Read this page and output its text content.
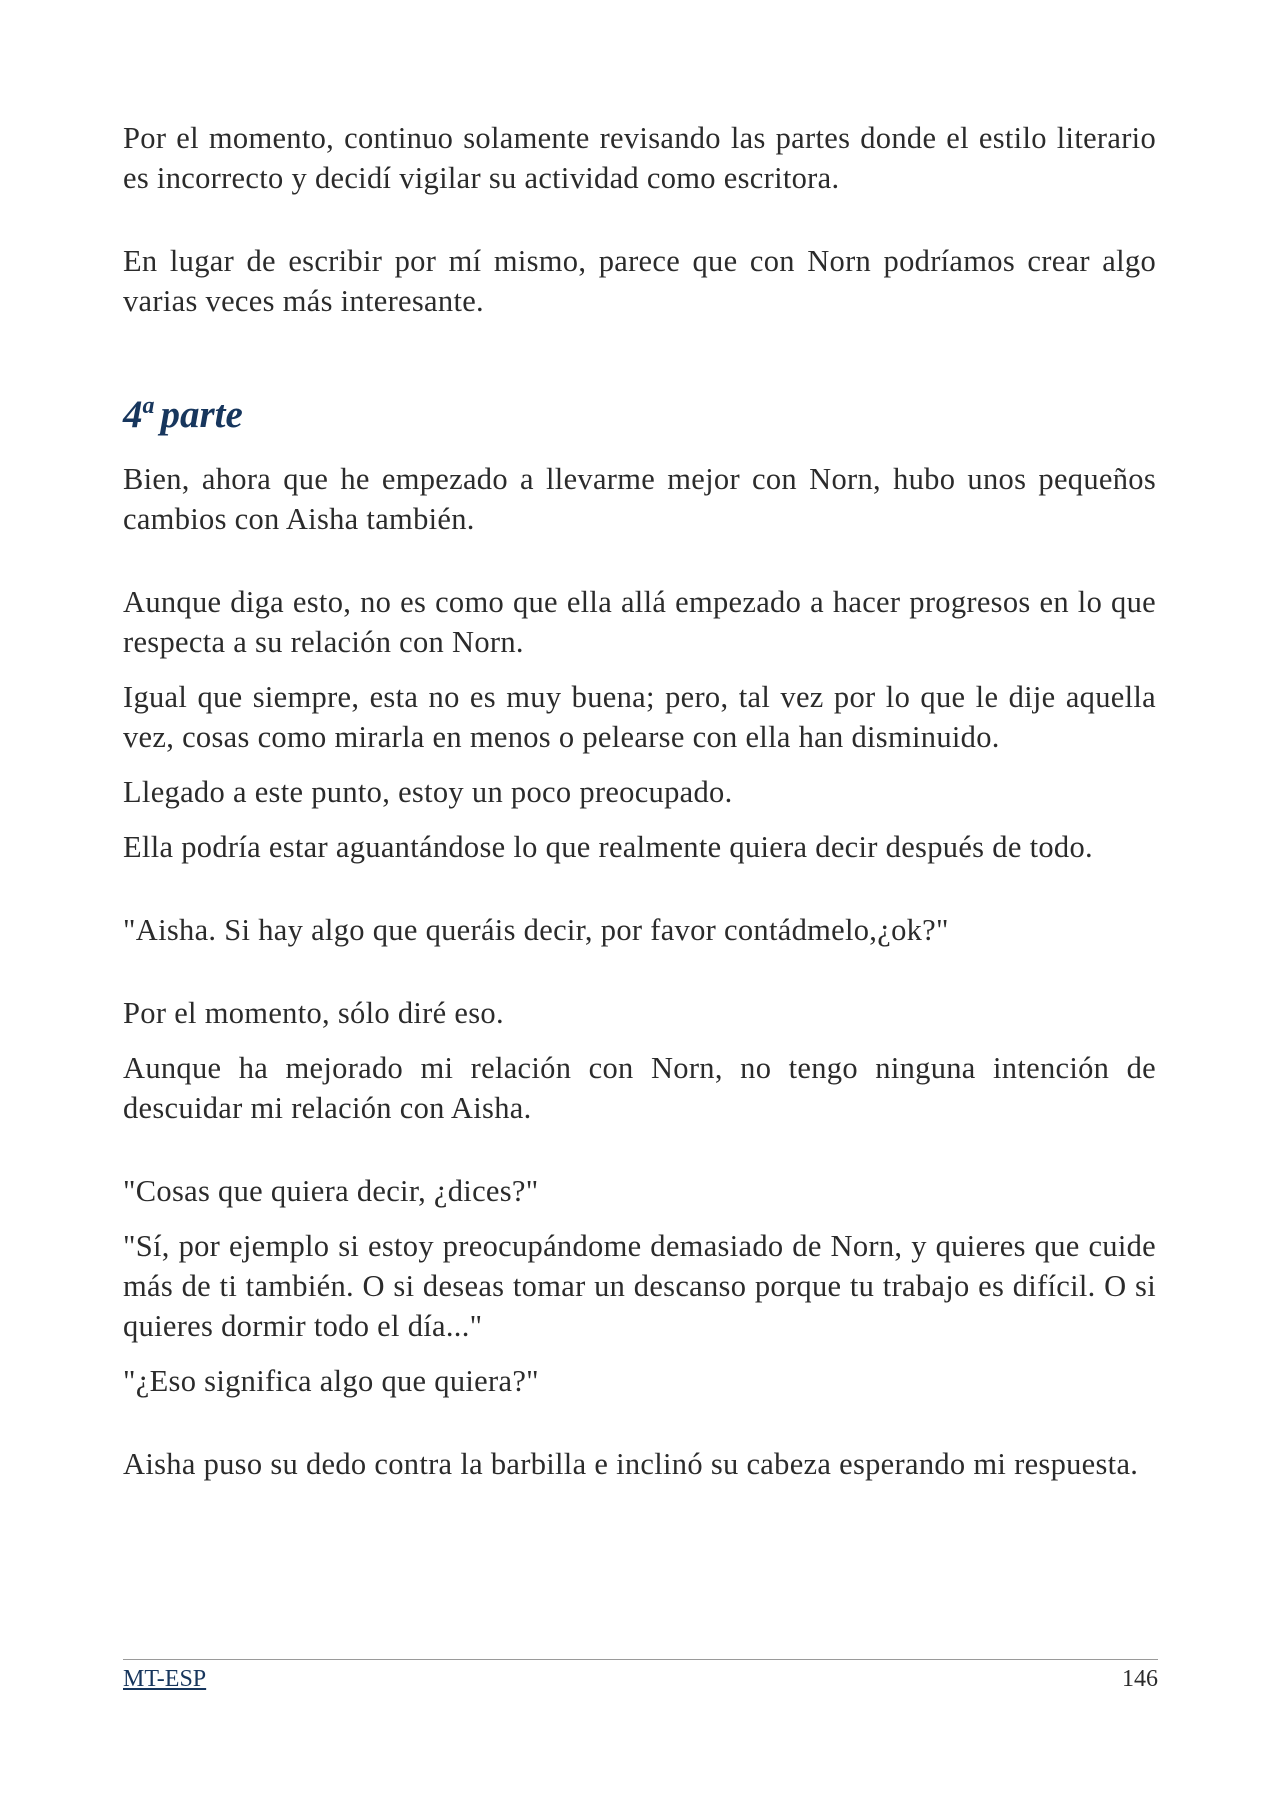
Por el momento, continuo solamente revisando las partes donde el estilo literario es incorrecto y decidí vigilar su actividad como escritora.

En lugar de escribir por mí mismo, parece que con Norn podríamos crear algo varias veces más interesante.

4$^a$ parte

Bien, ahora que he empezado a llevarme mejor con Norn, hubo unos pequeños cambios con Aisha también.

Aunque diga esto, no es como que ella allá empezado a hacer progresos en lo que respecta a su relación con Norn.

Igual que siempre, esta no es muy buena; pero, tal vez por lo que le dije aquella vez, cosas como mirarla en menos o pelearse con ella han disminuido.

Llegado a este punto, estoy un poco preocupado.

Ella podría estar aguantándose lo que realmente quiera decir después de todo.

"Aisha. Si hay algo que queráis decir, por favor contádmelo,¿ok?"

Por el momento, sólo diré eso.

Aunque ha mejorado mi relación con Norn, no tengo ninguna intención de descuidar mi relación con Aisha.

"Cosas que quiera decir, ¿dices?"

"Sí, por ejemplo si estoy preocupándome demasiado de Norn, y quieres que cuide más de ti también. O si deseas tomar un descanso porque tu trabajo es difícil. O si quieres dormir todo el día..."

"¿Eso significa algo que quiera?"

Aisha puso su dedo contra la barbilla e inclinó su cabeza esperando mi respuesta.

MT-ESP	146
